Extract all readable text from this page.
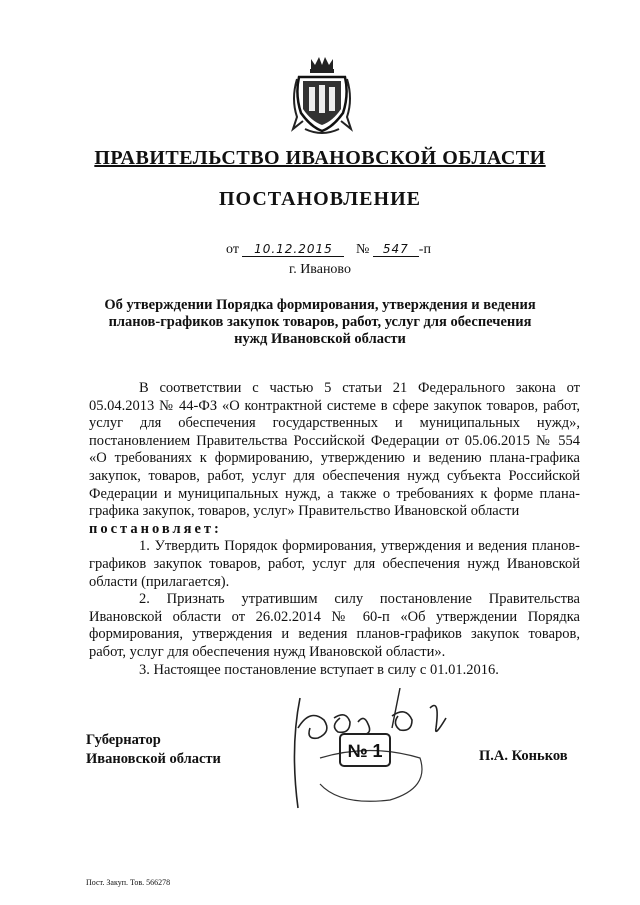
ПРАВИТЕЛЬСТВО ИВАНОВСКОЙ ОБЛАСТИ
ПОСТАНОВЛЕНИЕ
от 10.12.2015 № 547 -п
г. Иваново
Об утверждении Порядка формирования, утверждения и ведения планов-графиков закупок товаров, работ, услуг для обеспечения нужд Ивановской области

В соответствии с частью 5 статьи 21 Федерального закона от 05.04.2013 № 44-ФЗ «О контрактной системе в сфере закупок товаров, работ, услуг для обеспечения государственных и муниципальных нужд», постановлением Правительства Российской Федерации от 05.06.2015 № 554 «О требованиях к формированию, утверждению и ведению плана-графика закупок, товаров, работ, услуг для обеспечения нужд субъекта Российской Федерации и муниципальных нужд, а также о требованиях к форме плана-графика закупок, товаров, услуг» Правительство Ивановской области

постановляет:

1. Утвердить Порядок формирования, утверждения и ведения планов-графиков закупок товаров, работ, услуг для обеспечения нужд Ивановской области (прилагается).

2. Признать утратившим силу постановление Правительства Ивановской области от 26.02.2014 № 60-п «Об утверждении Порядка формирования, утверждения и ведения планов-графиков закупок товаров, работ, услуг для обеспечения нужд Ивановской области».

3. Настоящее постановление вступает в силу с 01.01.2016.

Губернатор
Ивановской области	№ 1	П.А. Коньков
Пост. Закуп. Тов. 566278
